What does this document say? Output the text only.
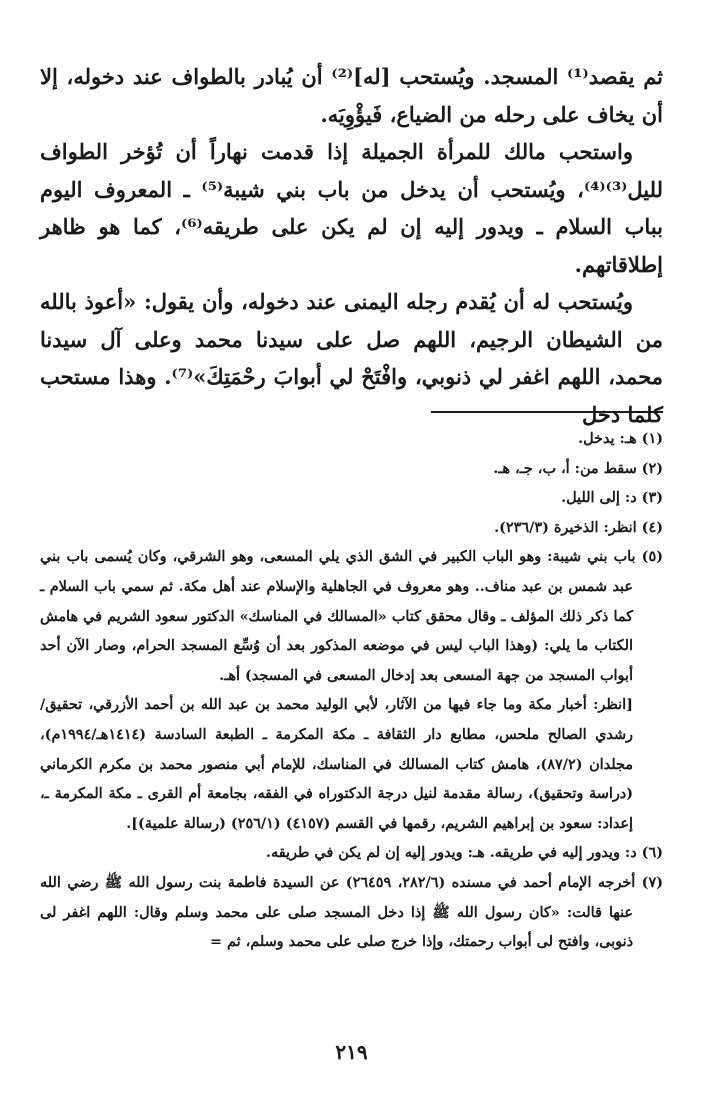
ثم يقصد⁽¹⁾ المسجد. ويُستحب [له]⁽²⁾ أن يُبادر بالطواف عند دخوله، إلا أن يخاف على رحله من الضياع، فَيؤْوِيَه.

واستحب مالك للمرأة الجميلة إذا قدمت نهاراً أن تُؤخر الطواف لليل⁽³⁾⁽⁴⁾، ويُستحب أن يدخل من باب بني شيبة⁽⁵⁾ ـ المعروف اليوم بباب السلام ـ ويدور إليه إن لم يكن على طريقه⁽⁶⁾، كما هو ظاهر إطلاقاتهم.

ويُستحب له أن يُقدم رجله اليمنى عند دخوله، وأن يقول: «أعوذ بالله من الشيطان الرجيم، اللهم صل على سيدنا محمد وعلى آل سيدنا محمد، اللهم اغفر لي ذنوبي، وافْتَحْ لي أبوابَ رحْمَتِكَ»⁽⁷⁾. وهذا مستحب كلما دخل

(١) هـ: يدخل.

(٢) سقط من: أ، ب، جـ، هـ.

(٣) د: إلى الليل.

(٤) انظر: الذخيرة (٢٣٦/٣).

(٥) باب بني شيبة: وهو الباب الكبير في الشق الذي يلي المسعى، وهو الشرقي، وكان يُسمى باب بني عبد شمس بن عبد مناف.. وهو معروف في الجاهلية والإسلام عند أهل مكة. ثم سمي باب السلام ـ كما ذكر ذلك المؤلف ـ وقال محقق كتاب «المسالك في المناسك» الدكتور سعود الشريم في هامش الكتاب ما يلي: (وهذا الباب ليس في موضعه المذكور بعد أن وُسِّع المسجد الحرام، وصار الآن أحد أبواب المسجد من جهة المسعى بعد إدخال المسعى في المسجد) أهـ.

[انظر: أخبار مكة وما جاء فيها من الآثار، لأبي الوليد محمد بن عبد الله بن أحمد الأزرقي، تحقيق/ رشدي الصالح ملحس، مطابع دار الثقافة ـ مكة المكرمة ـ الطبعة السادسة (١٤١٤هـ/١٩٩٤م)، مجلدان (٨٧/٢)، هامش كتاب المسالك في المناسك، للإمام أبي منصور محمد بن مكرم الكرماني (دراسة وتحقيق)، رسالة مقدمة لنيل درجة الدكتوراه في الفقه، بجامعة أم القرى ـ مكة المكرمة ـ، إعداد: سعود بن إبراهيم الشريم، رقمها في القسم (٤١٥٧) (٢٥٦/١) (رسالة علمية)].

(٦) د: ويدور إليه في طريقه. هـ: ويدور إليه إن لم يكن في طريقه.

(٧) أخرجه الإمام أحمد في مسنده (٢٨٢/٦، ٢٦٤٥٩) عن السيدة فاطمة بنت رسول الله ﷺ رضي الله عنها قالت: «كان رسول الله ﷺ إذا دخل المسجد صلى على محمد وسلم وقال: اللهم اغفر لى ذنوبى، وافتح لى أبواب رحمتك، وإذا خرج صلى على محمد وسلم، ثم =

٢١٩
